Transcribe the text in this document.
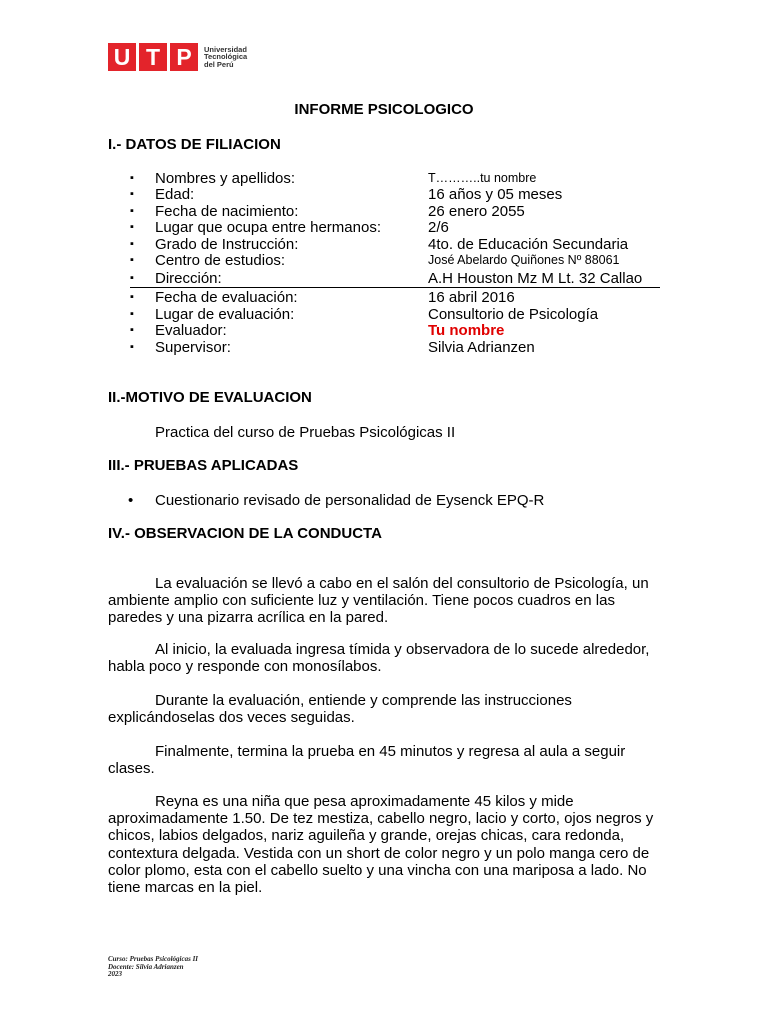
U T P	Universidad
Tecnológica
del Perú
INFORME PSICOLOGICO
I.- DATOS DE FILIACION
▪ Nombres y apellidos:	T………..tu nombre
▪ Edad:	16 años y 05 meses
▪ Fecha de nacimiento:	26 enero 2055
▪ Lugar que ocupa entre hermanos:	2/6
▪ Grado de Instrucción:	4to. de Educación Secundaria
▪ Centro de estudios:	José Abelardo Quiñones Nº 88061
▪ Dirección:	A.H Houston Mz M Lt. 32 Callao
▪ Fecha de evaluación:	16 abril 2016
▪ Lugar de evaluación:	Consultorio de Psicología
▪ Evaluador:	Tu nombre
▪ Supervisor:	Silvia Adrianzen
II.-MOTIVO DE EVALUACION
Practica del curso de Pruebas Psicológicas II
III.- PRUEBAS APLICADAS
• Cuestionario revisado de personalidad de Eysenck EPQ-R
IV.- OBSERVACION DE LA CONDUCTA

La evaluación se llevó a cabo en el salón del consultorio de Psicología, un ambiente amplio con suficiente luz y ventilación. Tiene pocos cuadros en las paredes y una pizarra acrílica en la pared.

Al inicio, la evaluada ingresa tímida y observadora de lo sucede alrededor, habla poco y responde con monosílabos.

Durante la evaluación, entiende y comprende las instrucciones explicándoselas dos veces seguidas.

Finalmente, termina la prueba en 45 minutos y regresa al aula a seguir clases.

Reyna es una niña que pesa aproximadamente 45 kilos y mide aproximadamente 1.50. De tez mestiza, cabello negro, lacio y corto, ojos negros y chicos, labios delgados, nariz aguileña y grande, orejas chicas, cara redonda, contextura delgada. Vestida con un short de color negro y un polo manga cero de color plomo, esta con el cabello suelto y una vincha con una mariposa a lado. No tiene marcas en la piel.

Curso: Pruebas Psicológicas II
Docente: Silvia Adrianzen
2023
